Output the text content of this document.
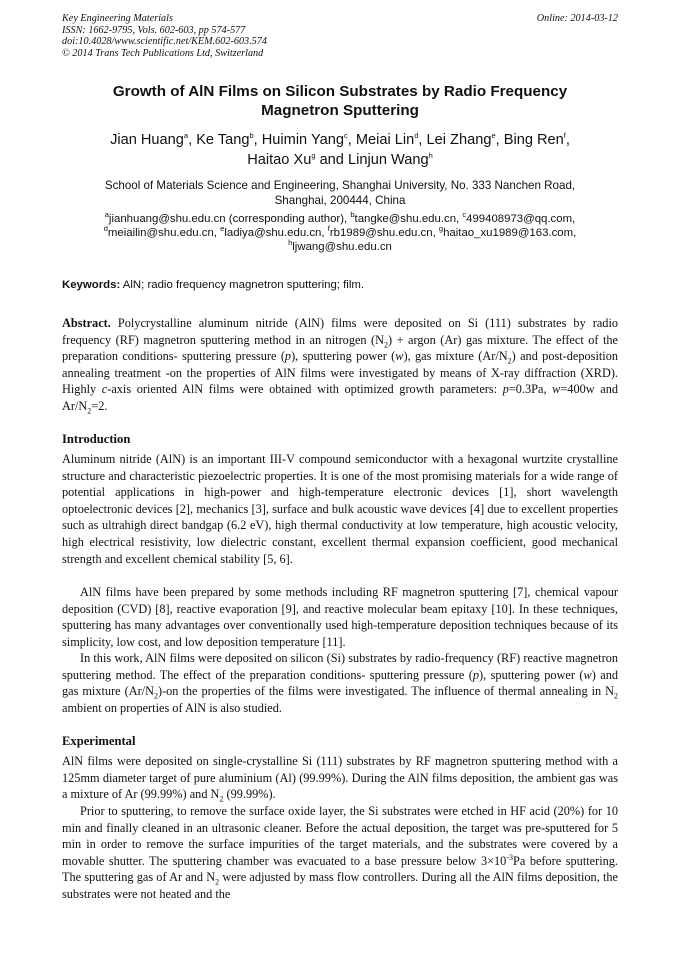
Key Engineering Materials
ISSN: 1662-9795, Vols. 602-603, pp 574-577
doi:10.4028/www.scientific.net/KEM.602-603.574
© 2014 Trans Tech Publications Ltd, Switzerland
Online: 2014-03-12
Growth of AlN Films on Silicon Substrates by Radio Frequency
Magnetron Sputtering
Jian Huang$^a$, Ke Tang$^b$, Huimin Yang$^c$, Meiai Lin$^d$, Lei Zhang$^e$, Bing Ren$^f$,
Haitao Xu$^g$ and Linjun Wang$^h$
School of Materials Science and Engineering, Shanghai University, No. 333 Nanchen Road,
Shanghai, 200444, China
$^a$jianhuang@shu.edu.cn (corresponding author), $^b$tangke@shu.edu.cn, $^c$499408973@qq.com,
$^d$meiailin@shu.edu.cn, $^e$ladiya@shu.edu.cn, $^f$rb1989@shu.edu.cn, $^g$haitao_xu1989@163.com,
$^h$ljwang@shu.edu.cn
Keywords: AlN; radio frequency magnetron sputtering; film.

Abstract. Polycrystalline aluminum nitride (AlN) films were deposited on Si (111) substrates by radio frequency (RF) magnetron sputtering method in an nitrogen $(N_2)$ + argon (Ar) gas mixture. The effect of the preparation conditions- sputtering pressure (p), sputtering power (w), gas mixture $(Ar/N_2)$ and post-deposition annealing treatment -on the properties of AlN films were investigated by means of X-ray diffraction (XRD). Highly c-axis oriented AlN films were obtained with optimized growth parameters: p=0.3Pa, w=400w and $Ar/N_2=2$.

Introduction

Aluminum nitride (AlN) is an important III-V compound semiconductor with a hexagonal wurtzite crystalline structure and characteristic piezoelectric properties. It is one of the most promising materials for a wide range of potential applications in high-power and high-temperature electronic devices [1], short wavelength optoelectronic devices [2], mechanics [3], surface and bulk acoustic wave devices [4] due to excellent properties such as ultrahigh direct bandgap (6.2 eV), high thermal conductivity at low temperature, high acoustic velocity, high electrical resistivity, low dielectric constant, excellent thermal expansion coefficient, good mechanical strength and excellent chemical stability [5, 6].

AlN films have been prepared by some methods including RF magnetron sputtering [7], chemical vapour deposition (CVD) [8], reactive evaporation [9], and reactive molecular beam epitaxy [10]. In these techniques, sputtering has many advantages over conventionally used high-temperature deposition techniques because of its simplicity, low cost, and low deposition temperature [11].

In this work, AlN films were deposited on silicon (Si) substrates by radio-frequency (RF) reactive magnetron sputtering method. The effect of the preparation conditions- sputtering pressure (p), sputtering power (w) and gas mixture $(Ar/N_2)-on$ the properties of the films were investigated. The influence of thermal annealing in $N_2$ ambient on properties of AlN is also studied.

Experimental

AlN films were deposited on single-crystalline Si (111) substrates by RF magnetron sputtering method with a 125mm diameter target of pure aluminium (Al) (99.99%). During the AlN films deposition, the ambient gas was a mixture of Ar (99.99%) and $N_2$ (99.99%).

Prior to sputtering, to remove the surface oxide layer, the Si substrates were etched in HF acid (20%) for 10 min and finally cleaned in an ultrasonic cleaner. Before the actual deposition, the target was pre-sputtered for 5 min in order to remove the surface impurities of the target materials, and the substrates were covered by a movable shutter. The sputtering chamber was evacuated to a base pressure below $3\times 10^{-3}Pa$ before sputtering. The sputtering gas of Ar and $N_2$ were adjusted by mass flow controllers. During all the AlN films deposition, the substrates were not heated and the
